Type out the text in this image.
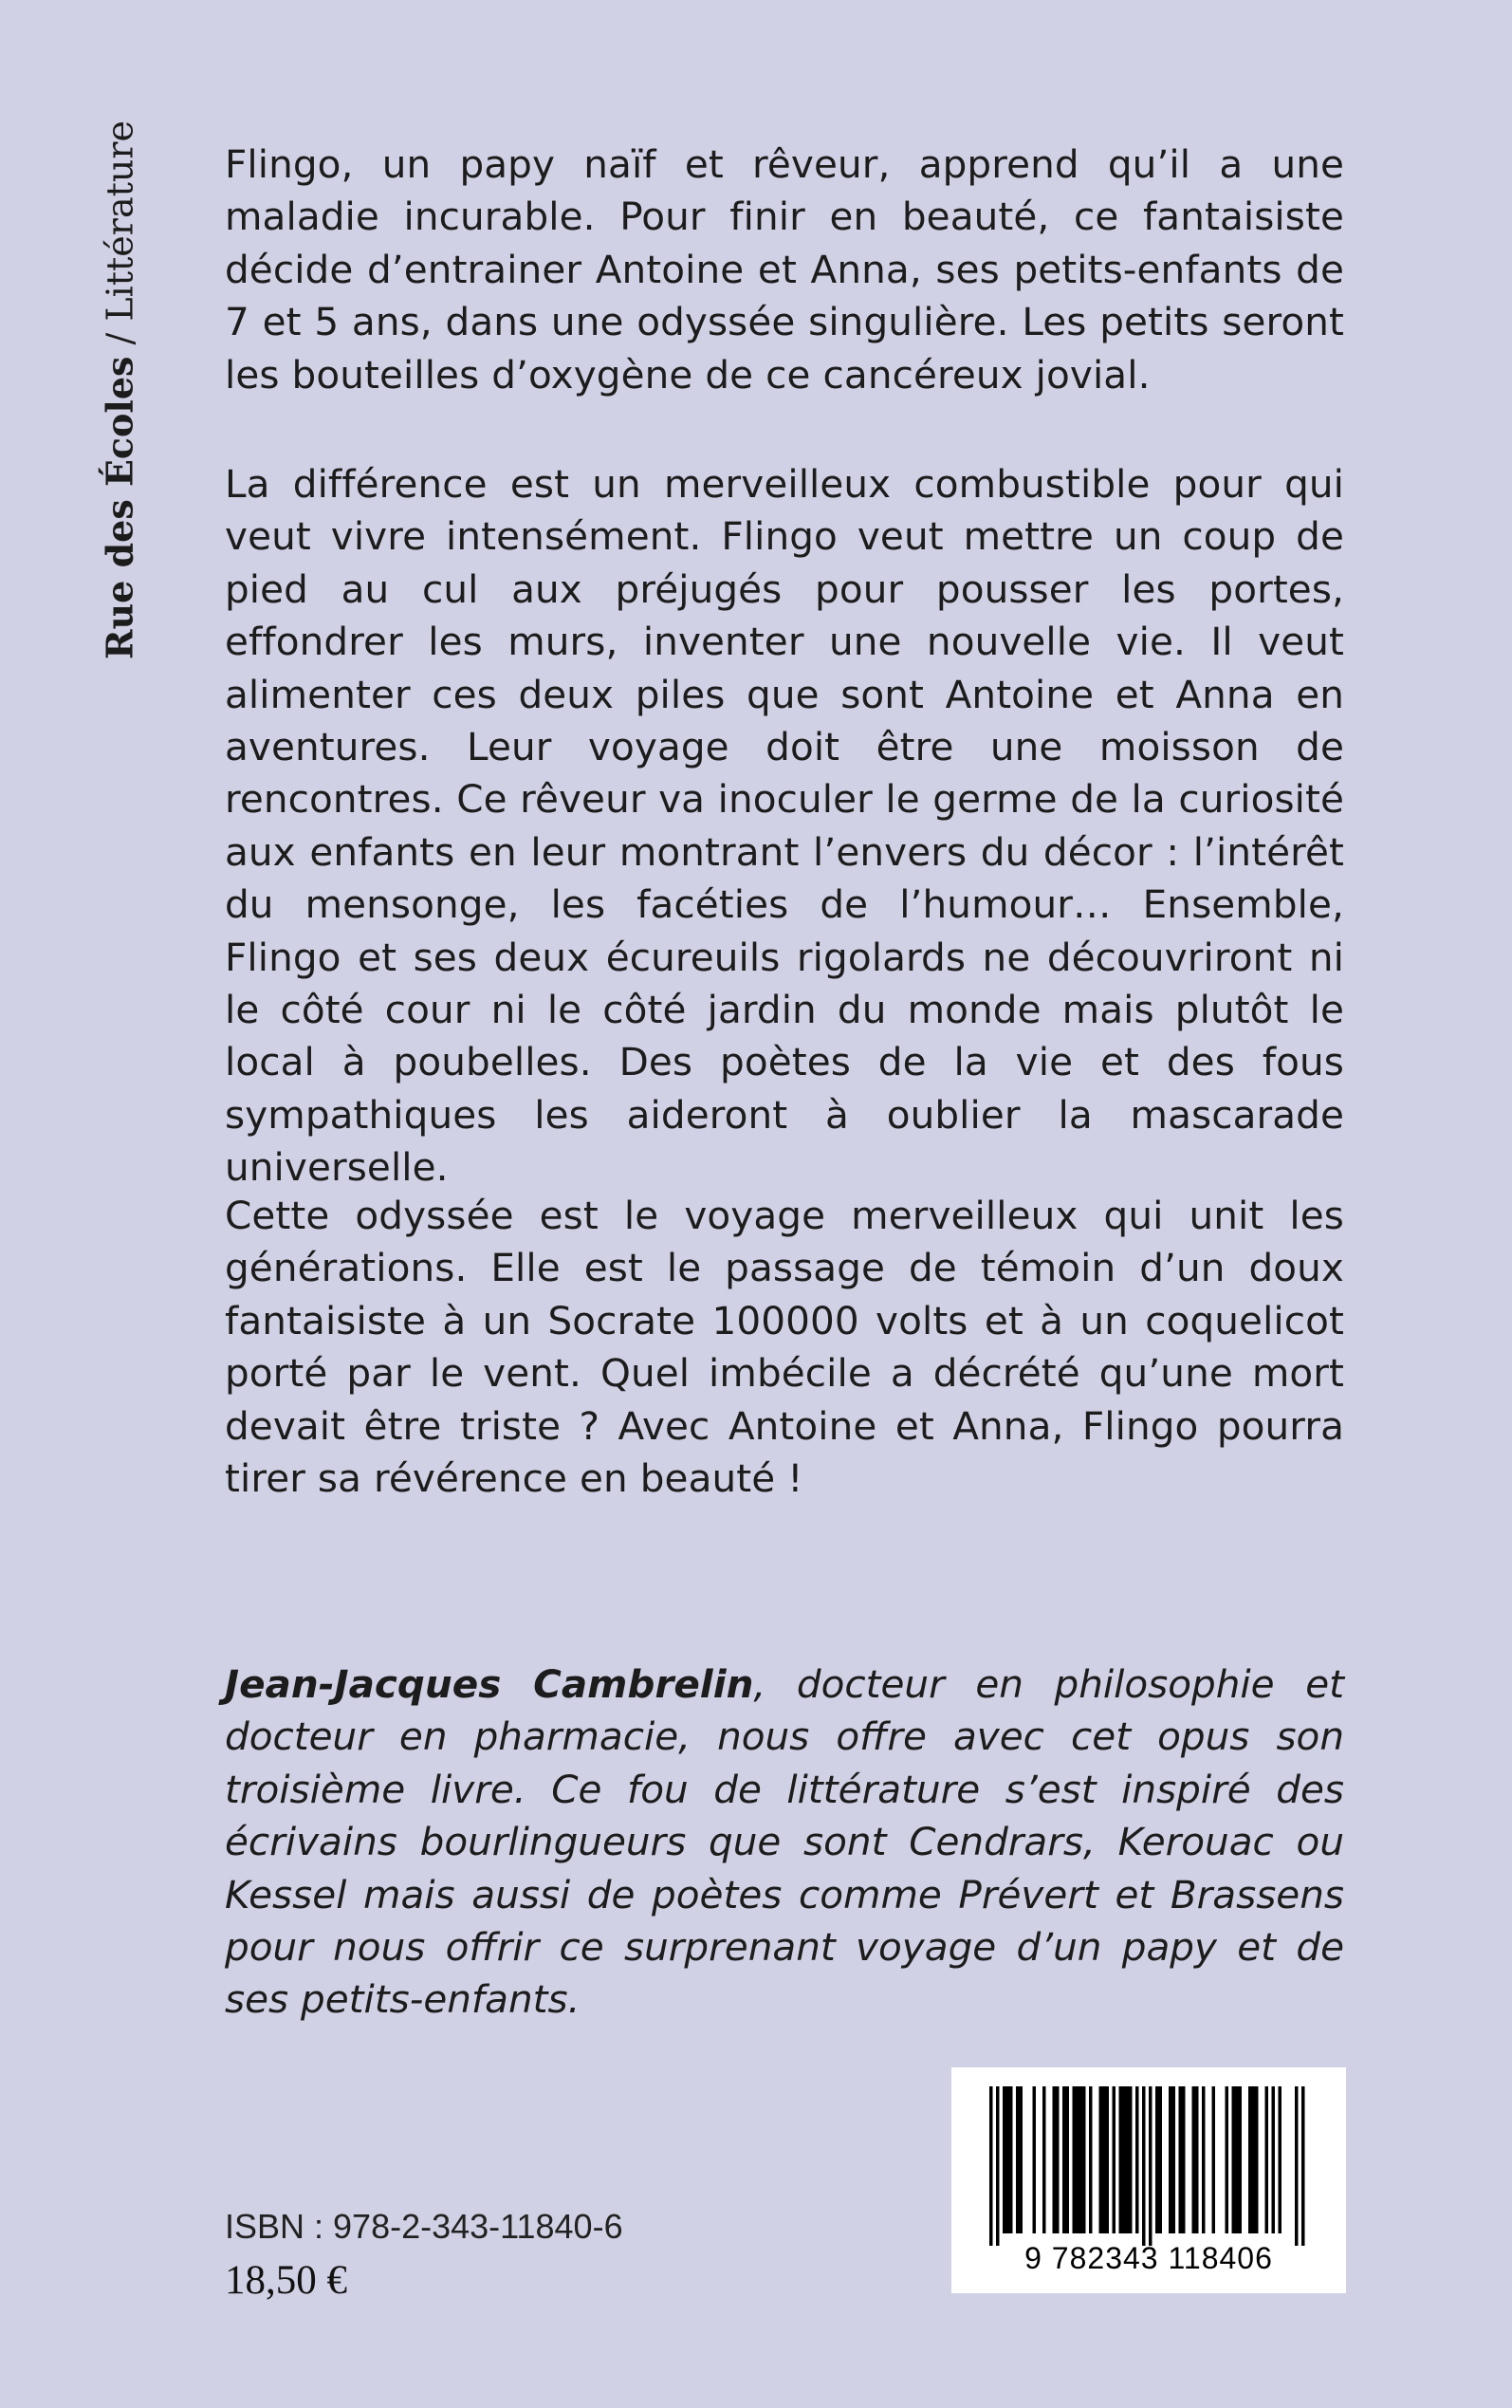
Rue des Écoles / Littérature Flingo, un papy naïf et rêveur, apprend qu’il a une maladie incurable. Pour finir en beauté, ce fantaisiste décide d’entrainer Antoine et Anna, ses petits-enfants de 7 et 5 ans, dans une odyssée singulière. Les petits seront les bouteilles d’oxygène de ce cancéreux jovial.

La différence est un merveilleux combustible pour qui veut vivre intensément. Flingo veut mettre un coup de pied au cul aux préjugés pour pousser les portes, effondrer les murs, inventer une nouvelle vie. Il veut alimenter ces deux piles que sont Antoine et Anna en aventures. Leur voyage doit être une moisson de rencontres. Ce rêveur va inoculer le germe de la curiosité aux enfants en leur montrant l’envers du décor : l’intérêt du mensonge, les facéties de l’humour… Ensemble, Flingo et ses deux écureuils rigolards ne découvriront ni le côté cour ni le côté jardin du monde mais plutôt le local à poubelles. Des poètes de la vie et des fous sympathiques les aideront à oublier la mascarade universelle.

Cette odyssée est le voyage merveilleux qui unit les générations. Elle est le passage de témoin d’un doux fantaisiste à un Socrate 100000 volts et à un coquelicot porté par le vent. Quel imbécile a décrété qu’une mort devait être triste ? Avec Antoine et Anna, Flingo pourra tirer sa révérence en beauté !

Jean-Jacques Cambrelin, docteur en philosophie et docteur en pharmacie, nous offre avec cet opus son troisième livre. Ce fou de littérature s’est inspiré des écrivains bourlingueurs que sont Cendrars, Kerouac ou Kessel mais aussi de poètes comme Prévert et Brassens pour nous offrir ce surprenant voyage d’un papy et de ses petits-enfants.
ISBN : 978-2-343-11840-6
18,50 €	9 782343 118406
